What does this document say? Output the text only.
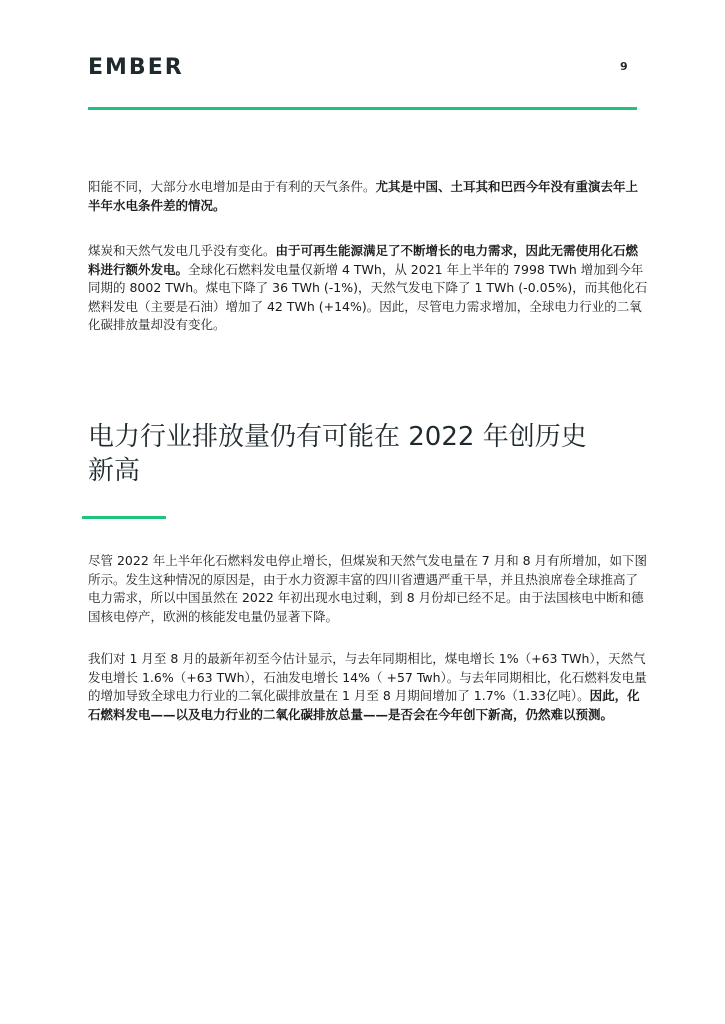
EMBER	9

阳能不同，大部分水电增加是由于有利的天气条件。尤其是中国、土耳其和巴西今年没有重演去年上半年水电条件差的情况。

煤炭和天然气发电几乎没有变化。由于可再生能源满足了不断增长的电力需求，因此无需使用化石燃料进行额外发电。全球化石燃料发电量仅新增 4 TWh，从 2021 年上半年的 7998 TWh 增加到今年同期的 8002 TWh。煤电下降了 36 TWh (-1%)，天然气发电下降了 1 TWh (-0.05%)，而其他化石燃料发电（主要是石油）增加了 42 TWh (+14%)。因此，尽管电力需求增加，全球电力行业的二氧化碳排放量却没有变化。

电力行业排放量仍有可能在 2022 年创历史新高

尽管 2022 年上半年化石燃料发电停止增长，但煤炭和天然气发电量在 7 月和 8 月有所增加，如下图所示。发生这种情况的原因是，由于水力资源丰富的四川省遭遇严重干旱，并且热浪席卷全球推高了电力需求，所以中国虽然在 2022 年初出现水电过剩，到 8 月份却已经不足。由于法国核电中断和德国核电停产，欧洲的核能发电量仍显著下降。

我们对 1 月至 8 月的最新年初至今估计显示，与去年同期相比，煤电增长 1%（+63 TWh），天然气发电增长 1.6%（+63 TWh），石油发电增长 14%（ +57 Twh）。与去年同期相比，化石燃料发电量的增加导致全球电力行业的二氧化碳排放量在 1 月至 8 月期间增加了 1.7%（1.33亿吨）。因此，化石燃料发电——以及电力行业的二氧化碳排放总量——是否会在今年创下新高，仍然难以预测。
